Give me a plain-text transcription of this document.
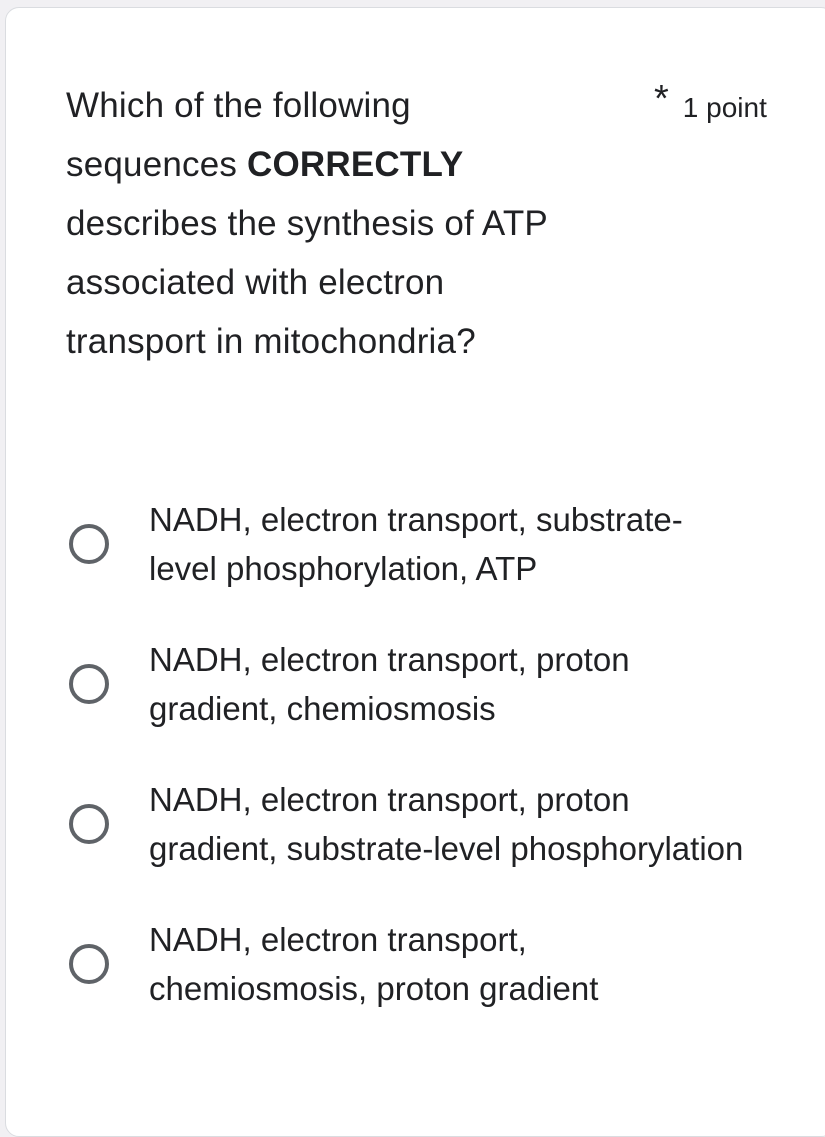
Which of the following sequences CORRECTLY describes the synthesis of ATP associated with electron transport in mitochondria?
* 1 point
NADH, electron transport, substrate-level phosphorylation, ATP
NADH, electron transport, proton gradient, chemiosmosis
NADH, electron transport, proton gradient, substrate-level phosphorylation
NADH, electron transport, chemiosmosis, proton gradient
